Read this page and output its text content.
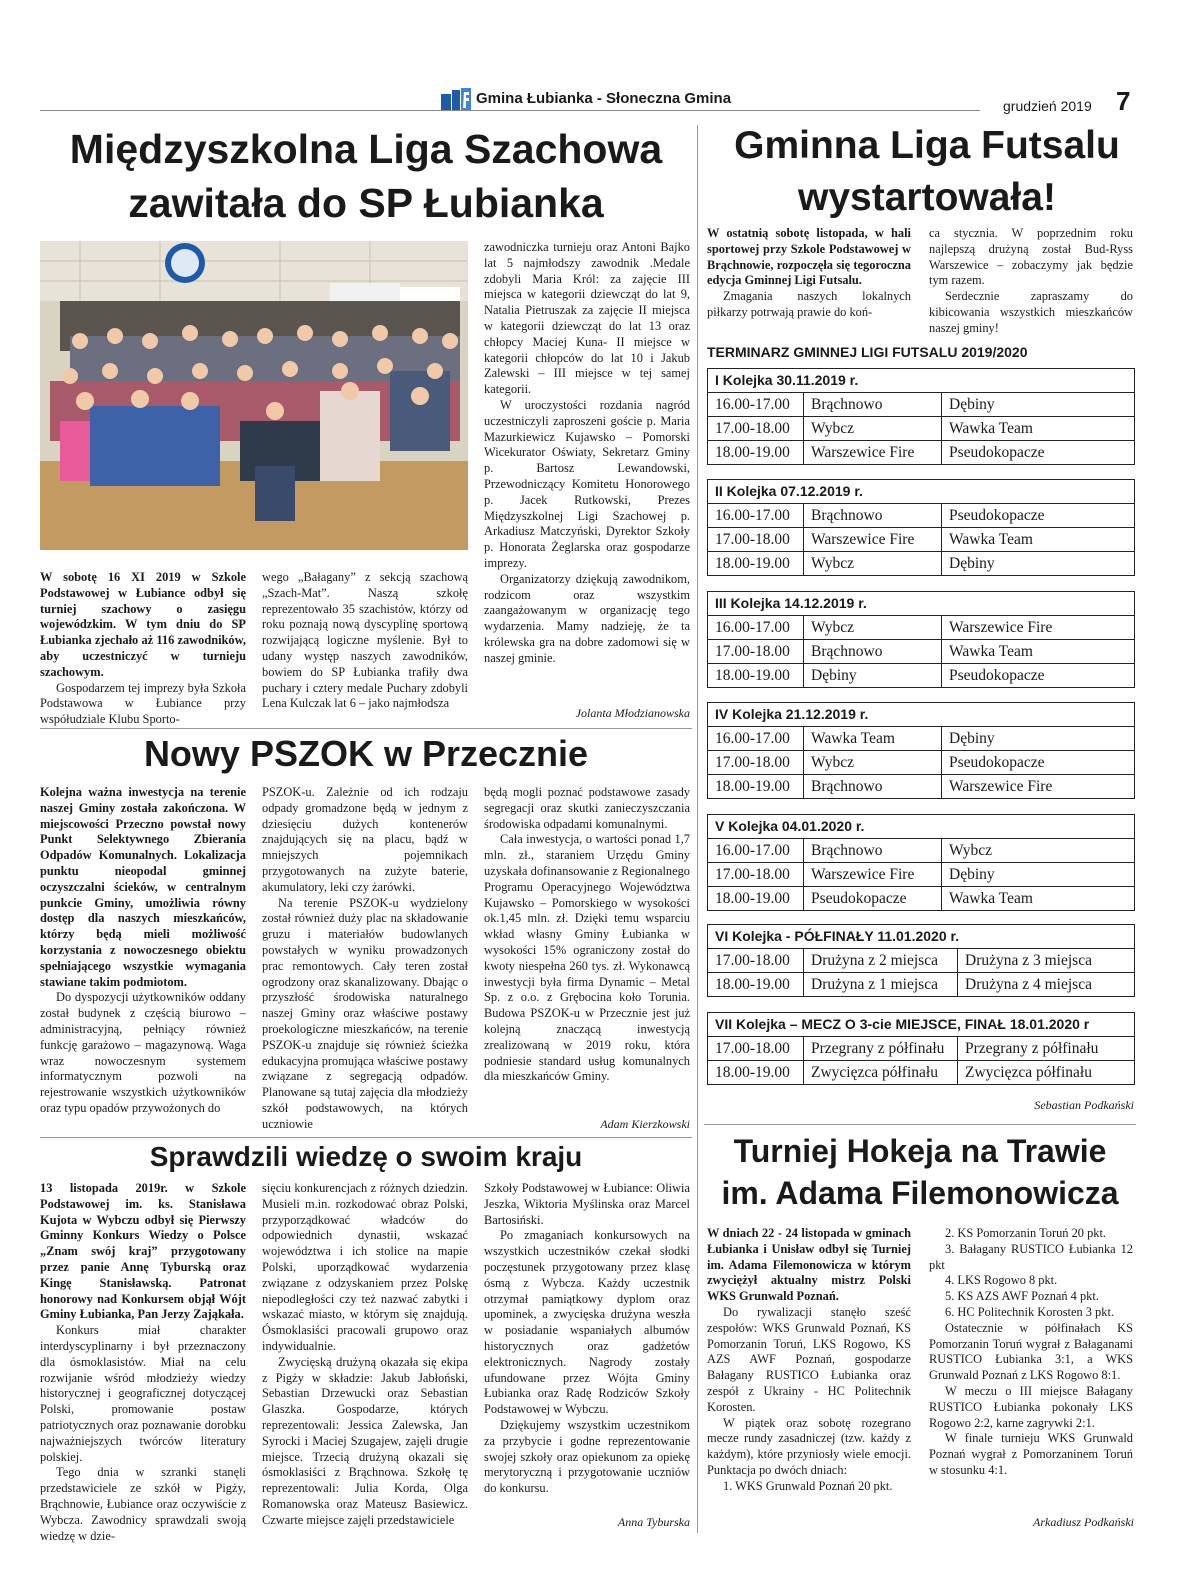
Gmina Łubianka - Słoneczna Gmina	grudzień 2019 7
Międzyszkolna Liga Szachowa
zawitała do SP Łubianka

W sobotę 16 XI 2019 w Szkole Podstawowej w Łubiance odbył się turniej szachowy o zasięgu wojewódzkim. W tym dniu do SP Łubianka zjechało aż 116 zawodników, aby uczestniczyć w turnieju szachowym.

Gospodarzem tej imprezy była Szkoła Podstawowa w Łubiance przy współudziale Klubu Sporto-

wego „Bałagany” z sekcją szachową „Szach-Mat”. Naszą szkołę reprezentowało 35 szachistów, którzy od roku poznają nową dyscyplinę sportową rozwijającą logiczne myślenie. Był to udany występ naszych zawodników, bowiem do SP Łubianka trafiły dwa puchary i cztery medale Puchary zdobyli Lena Kulczak lat 6 – jako najmłodsza

zawodniczka turnieju oraz Antoni Bajko lat 5 najmłodszy zawodnik .Medale zdobyli Maria Król: za zajęcie III miejsca w kategorii dziewcząt do lat 9, Natalia Pietruszak za zajęcie II miejsca w kategorii dziewcząt do lat 13 oraz chłopcy Maciej Kuna- II miejsce w kategorii chłopców do lat 10 i Jakub Zalewski – III miejsce w tej samej kategorii.

W uroczystości rozdania nagród uczestniczyli zaproszeni goście p. Maria Mazurkiewicz Kujawsko – Pomorski Wicekurator Oświaty, Sekretarz Gminy p. Bartosz Lewandowski, Przewodniczący Komitetu Honorowego p. Jacek Rutkowski, Prezes Międzyszkolnej Ligi Szachowej p. Arkadiusz Matczyński, Dyrektor Szkoły p. Honorata Żeglarska oraz gospodarze imprezy.

Organizatorzy dziękują zawodnikom, rodzicom oraz wszystkim zaangażowanym w organizację tego wydarzenia. Mamy nadzieję, że ta królewska gra na dobre zadomowi się w naszej gminie.

Jolanta Młodzianowska
Nowy PSZOK w Przecznie

Kolejna ważna inwestycja na terenie naszej Gminy została zakończona. W miejscowości Przeczno powstał nowy Punkt Selektywnego Zbierania Odpadów Komunalnych. Lokalizacja punktu nieopodal gminnej oczyszczalni ścieków, w centralnym punkcie Gminy, umożliwia równy dostęp dla naszych mieszkańców, którzy będą mieli możliwość korzystania z nowoczesnego obiektu spełniającego wszystkie wymagania stawiane takim podmiotom.

Do dyspozycji użytkowników oddany został budynek z częścią biurowo – administracyjną, pełniący również funkcję garażowo – magazynową. Waga wraz nowoczesnym systemem informatycznym pozwoli na rejestrowanie wszystkich użytkowników oraz typu opadów przywożonych do

PSZOK-u. Zależnie od ich rodzaju odpady gromadzone będą w jednym z dziesięciu dużych kontenerów znajdujących się na placu, bądź w mniejszych pojemnikach przygotowanych na zużyte baterie, akumulatory, leki czy żarówki.

Na terenie PSZOK-u wydzielony został również duży plac na składowanie gruzu i materiałów budowlanych powstałych w wyniku prowadzonych prac remontowych. Cały teren został ogrodzony oraz skanalizowany. Dbając o przyszłość środowiska naturalnego naszej Gminy oraz właściwe postawy proekologiczne mieszkańców, na terenie PSZOK-u znajduje się również ścieżka edukacyjna promująca właściwe postawy związane z segregacją odpadów. Planowane są tutaj zajęcia dla młodzieży szkół podstawowych, na których uczniowie

będą mogli poznać podstawowe zasady segregacji oraz skutki zanieczyszczania środowiska odpadami komunalnymi.

Cała inwestycja, o wartości ponad 1,7 mln. zł., staraniem Urzędu Gminy uzyskała dofinansowanie z Regionalnego Programu Operacyjnego Województwa Kujawsko – Pomorskiego w wysokości ok.1,45 mln. zł. Dzięki temu wsparciu wkład własny Gminy Łubianka w wysokości 15% ograniczony został do kwoty niespełna 260 tys. zł. Wykonawcą inwestycji była firma Dynamic – Metal Sp. z o.o. z Grębocina koło Torunia. Budowa PSZOK-u w Przecznie jest już kolejną znaczącą inwestycją zrealizowaną w 2019 roku, która podniesie standard usług komunalnych dla mieszkańców Gminy.

Adam Kierzkowski
Sprawdzili wiedzę o swoim kraju

13 listopada 2019r. w Szkole Podstawowej im. ks. Stanisława Kujota w Wybczu odbył się Pierwszy Gminny Konkurs Wiedzy o Polsce „Znam swój kraj” przygotowany przez panie Annę Tyburską oraz Kingę Stanisławską. Patronat honorowy nad Konkursem objął Wójt Gminy Łubianka, Pan Jerzy Zająkała.

Konkurs miał charakter interdyscyplinarny i był przeznaczony dla ósmoklasistów. Miał na celu rozwijanie wśród młodzieży wiedzy historycznej i geograficznej dotyczącej Polski, promowanie postaw patriotycznych oraz poznawanie dorobku najważniejszych twórców literatury polskiej.

Tego dnia w szranki stanęli przedstawiciele ze szkół w Pigży, Brąchnowie, Łubiance oraz oczywiście z Wybcza. Zawodnicy sprawdzali swoją wiedzę w dzie-

sięciu konkurencjach z różnych dziedzin. Musieli m.in. rozkodować obraz Polski, przyporządkować władców do odpowiednich dynastii, wskazać województwa i ich stolice na mapie Polski, uporządkować wydarzenia związane z odzyskaniem przez Polskę niepodległości czy też nazwać zabytki i wskazać miasto, w którym się znajdują. Ósmoklasiści pracowali grupowo oraz indywidualnie.

Zwycięską drużyną okazała się ekipa z Pigży w składzie: Jakub Jabłoński, Sebastian Drzewucki oraz Sebastian Glaszka. Gospodarze, których reprezentowali: Jessica Zalewska, Jan Syrocki i Maciej Szugajew, zajęli drugie miejsce. Trzecią drużyną okazali się ósmoklasiści z Brąchnowa. Szkołę tę reprezentowali: Julia Korda, Olga Romanowska oraz Mateusz Basiewicz. Czwarte miejsce zajęli przedstawiciele

Szkoły Podstawowej w Łubiance: Oliwia Jeszka, Wiktoria Myślinska oraz Marcel Bartosiński.

Po zmaganiach konkursowych na wszystkich uczestników czekał słodki poczęstunek przygotowany przez klasę ósmą z Wybcza. Każdy uczestnik otrzymał pamiątkowy dyplom oraz upominek, a zwycięska drużyna weszła w posiadanie wspaniałych albumów historycznych oraz gadżetów elektronicznych. Nagrody zostały ufundowane przez Wójta Gminy Łubianka oraz Radę Rodziców Szkoły Podstawowej w Wybczu.

Dziękujemy wszystkim uczestnikom za przybycie i godne reprezentowanie swojej szkoły oraz opiekunom za opiekę merytoryczną i przygotowanie uczniów do konkursu.

Anna Tyburska
Gminna Liga Futsalu
wystartowała!

W ostatnią sobotę listopada, w hali sportowej przy Szkole Podstawowej w Brąchnowie, rozpoczęła się tegoroczna edycja Gminnej Ligi Futsalu.

Zmagania naszych lokalnych piłkarzy potrwają prawie do koń-

ca stycznia. W poprzednim roku najlepszą drużyną został Bud-Ryss Warszewice – zobaczymy jak będzie tym razem.

Serdecznie zapraszamy do kibicowania wszystkich mieszkańców naszej gminy!

TERMINARZ GMINNEJ LIGI FUTSALU 2019/2020
I Kolejka 30.11.2019 r.
16.00-17.00	Brąchnowo	Dębiny
17.00-18.00	Wybcz	Wawka Team
18.00-19.00	Warszewice Fire	Pseudokopacze
II Kolejka 07.12.2019 r.
16.00-17.00	Brąchnowo	Pseudokopacze
17.00-18.00	Warszewice Fire	Wawka Team
18.00-19.00	Wybcz	Dębiny
III Kolejka 14.12.2019 r.
16.00-17.00	Wybcz	Warszewice Fire
17.00-18.00	Brąchnowo	Wawka Team
18.00-19.00	Dębiny	Pseudokopacze
IV Kolejka 21.12.2019 r.
16.00-17.00	Wawka Team	Dębiny
17.00-18.00	Wybcz	Pseudokopacze
18.00-19.00	Brąchnowo	Warszewice Fire
V Kolejka 04.01.2020 r.
16.00-17.00	Brąchnowo	Wybcz
17.00-18.00	Warszewice Fire	Dębiny
18.00-19.00	Pseudokopacze	Wawka Team
VI Kolejka - PÓŁFINAŁY 11.01.2020 r.
17.00-18.00	Drużyna z 2 miejsca	Drużyna z 3 miejsca
18.00-19.00	Drużyna z 1 miejsca	Drużyna z 4 miejsca
VII Kolejka – MECZ O 3-cie MIEJSCE, FINAŁ 18.01.2020 r
17.00-18.00	Przegrany z półfinału	Przegrany z półfinału
18.00-19.00	Zwycięzca półfinału	Zwycięzca półfinału
Sebastian Podkański
Turniej Hokeja na Trawie
im. Adama Filemonowicza

W dniach 22 - 24 listopada w gminach Łubianka i Unisław odbył się Turniej im. Adama Filemonowicza w którym zwyciężył aktualny mistrz Polski WKS Grunwald Poznań.

Do rywalizacji stanęło sześć zespołów: WKS Grunwald Poznań, KS Pomorzanin Toruń, LKS Rogowo, KS AZS AWF Poznań, gospodarze Bałagany RUSTICO Łubianka oraz zespół z Ukrainy - HC Politechnik Korosten.

W piątek oraz sobotę rozegrano mecze rundy zasadniczej (tzw. każdy z każdym), które przyniosły wiele emocji. Punktacja po dwóch dniach:

1. WKS Grunwald Poznań 20 pkt.

2. KS Pomorzanin Toruń 20 pkt.

3. Bałagany RUSTICO Łubianka 12 pkt

4. LKS Rogowo 8 pkt.

5. KS AZS AWF Poznań 4 pkt.

6. HC Politechnik Korosten 3 pkt.

Ostatecznie w półfinałach KS Pomorzanin Toruń wygrał z Bałaganami RUSTICO Łubianka 3:1, a WKS Grunwald Poznań z LKS Rogowo 8:1.

W meczu o III miejsce Bałagany RUSTICO Łubianka pokonały LKS Rogowo 2:2, karne zagrywki 2:1.

W finale turnieju WKS Grunwald Poznań wygrał z Pomorzaninem Toruń w stosunku 4:1.

Arkadiusz Podkański
